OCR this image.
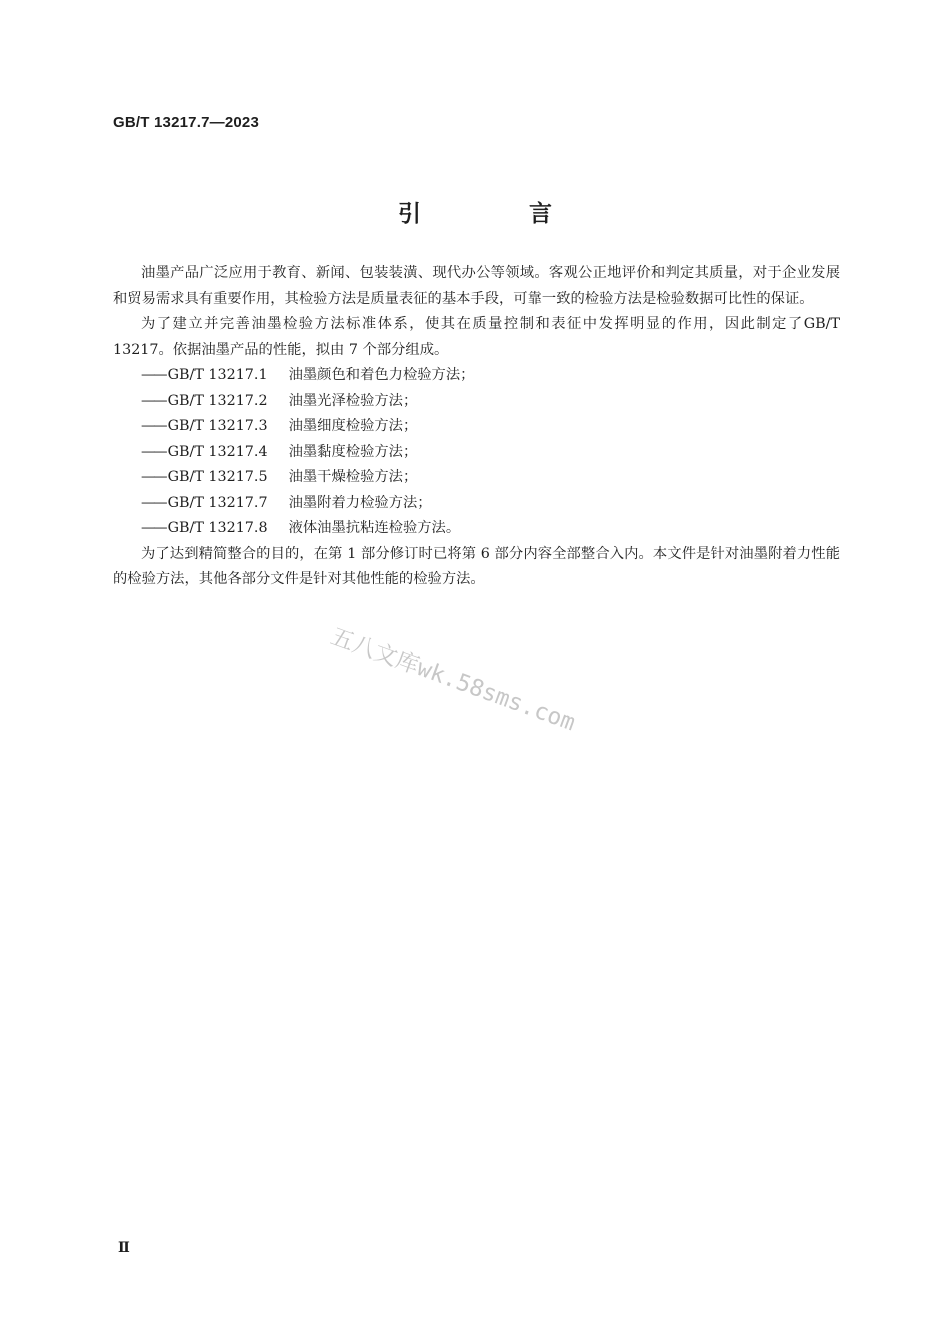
GB/T 13217.7—2023
引 言

油墨产品广泛应用于教育、新闻、包装装潢、现代办公等领域。客观公正地评价和判定其质量，对于企业发展和贸易需求具有重要作用，其检验方法是质量表征的基本手段，可靠一致的检验方法是检验数据可比性的保证。

为了建立并完善油墨检验方法标准体系，使其在质量控制和表征中发挥明显的作用，因此制定了GB/T 13217。依据油墨产品的性能，拟由 7 个部分组成。

—— GB/T 13217.1 油墨颜色和着色力检验方法；
—— GB/T 13217.2 油墨光泽检验方法；
—— GB/T 13217.3 油墨细度检验方法；
—— GB/T 13217.4 油墨黏度检验方法；
—— GB/T 13217.5 油墨干燥检验方法；
—— GB/T 13217.7 油墨附着力检验方法；
—— GB/T 13217.8 液体油墨抗粘连检验方法。

为了达到精简整合的目的，在第 1 部分修订时已将第 6 部分内容全部整合入内。本文件是针对油墨附着力性能的检验方法，其他各部分文件是针对其他性能的检验方法。

五八文库wk.58sms.com
Ⅱ
